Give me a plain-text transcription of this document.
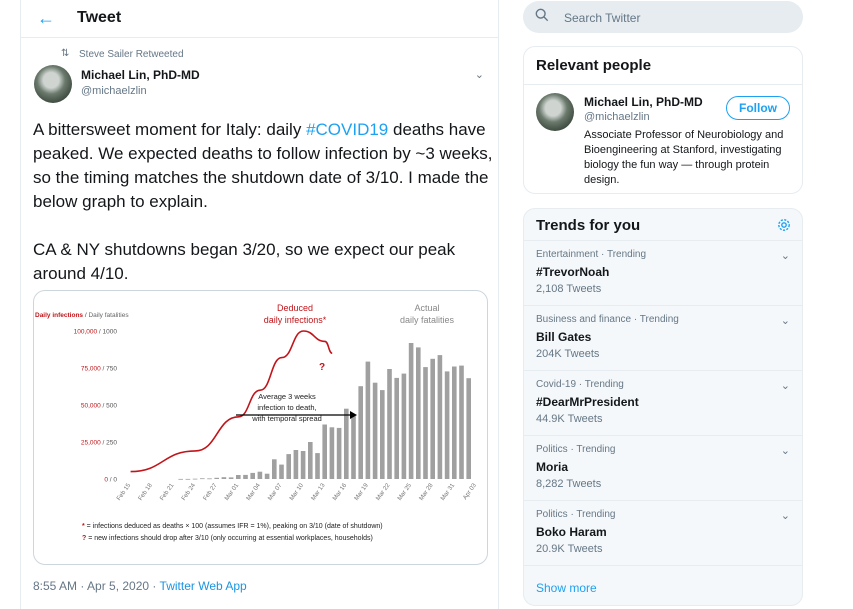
← Tweet
⇅ Steve Sailer Retweeted
Michael Lin, PhD-MD
@michaelzlin
⌄

A bittersweet moment for Italy: daily #COVID19 deaths have peaked. We expected deaths to follow infection by ~3 weeks, so the timing matches the shutdown date of 3/10. I made the below graph to explain.

CA & NY shutdowns began 3/20, so we expect our peak around 4/10.

0 / 0
25,000 / 250
50,000 / 500
75,000 / 750
100,000 / 1000
Feb 15 Feb 18 Feb 21 Feb 24 Feb 27 Mar 01 Mar 04 Mar 07 Mar 10 Mar 13 Mar 16 Mar 19 Mar 22 Mar 25 Mar 28 Mar 31 Apr 03
Daily infections / Daily fatalities
Deduced
daily infections*
?
Actual
daily fatalities
Average 3 weeks
infection to death,
with temporal spread
* = infections deduced as deaths × 100 (assumes IFR = 1%), peaking on 3/10 (date of shutdown)
? = new infections should drop after 3/10 (only occurring at essential workplaces, households)
8:55 AM · Apr 5, 2020 · Twitter Web App
Search Twitter
Relevant people
Michael Lin, PhD-MD
@michaelzlin
Follow
Associate Professor of Neurobiology and Bioengineering at Stanford, investigating biology the fun way — through protein design.
Trends for you
Entertainment · Trending
#TrevorNoah
2,108 Tweets
⌄
Business and finance · Trending
Bill Gates
204K Tweets
⌄
Covid-19 · Trending
#DearMrPresident
44.9K Tweets
⌄
Politics · Trending
Moria
8,282 Tweets
⌄
Politics · Trending
Boko Haram
20.9K Tweets
⌄
Show more
